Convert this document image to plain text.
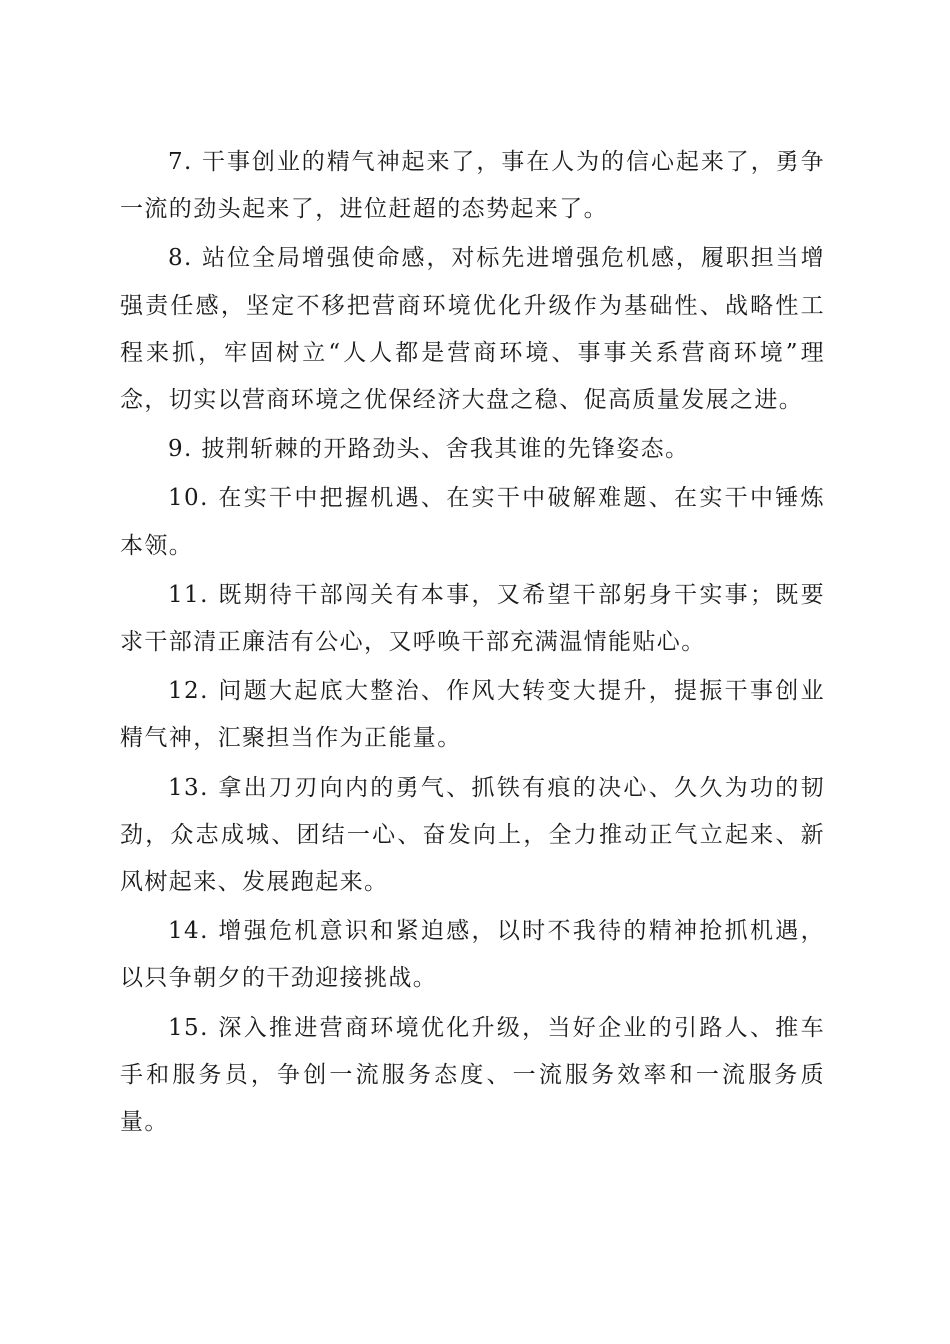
7. 干事创业的精气神起来了，事在人为的信心起来了，勇争一流的劲头起来了，进位赶超的态势起来了。

8. 站位全局增强使命感，对标先进增强危机感，履职担当增强责任感，坚定不移把营商环境优化升级作为基础性、战略性工程来抓，牢固树立“人人都是营商环境、事事关系营商环境”理念，切实以营商环境之优保经济大盘之稳、促高质量发展之进。

9. 披荆斩棘的开路劲头、舍我其谁的先锋姿态。

10. 在实干中把握机遇、在实干中破解难题、在实干中锤炼本领。

11. 既期待干部闯关有本事，又希望干部躬身干实事；既要求干部清正廉洁有公心，又呼唤干部充满温情能贴心。

12. 问题大起底大整治、作风大转变大提升，提振干事创业精气神，汇聚担当作为正能量。

13. 拿出刀刃向内的勇气、抓铁有痕的决心、久久为功的韧劲，众志成城、团结一心、奋发向上，全力推动正气立起来、新风树起来、发展跑起来。

14. 增强危机意识和紧迫感，以时不我待的精神抢抓机遇，以只争朝夕的干劲迎接挑战。

15. 深入推进营商环境优化升级，当好企业的引路人、推车手和服务员，争创一流服务态度、一流服务效率和一流服务质量。
